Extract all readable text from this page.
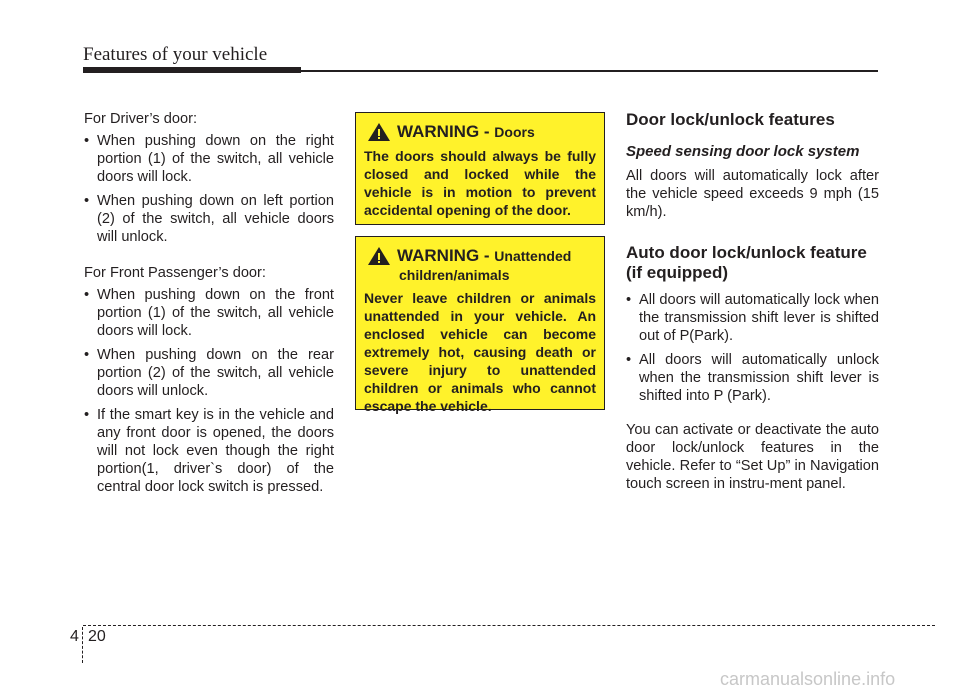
Features of your vehicle

For Driver’s door:

• When pushing down on the right portion (1) of the switch, all vehicle doors will lock.
• When pushing down on left portion (2) of the switch, all vehicle doors will unlock.

For Front Passenger’s door:

• When pushing down on the front portion (1) of the switch, all vehicle doors will lock.
• When pushing down on the rear portion (2) of the switch, all vehicle doors will unlock.
• If the smart key is in the vehicle and any front door is opened, the doors will not lock even though the right portion(1, driver`s door) of the central door lock switch is pressed.
WARNING - Doors
The doors should always be fully closed and locked while the vehicle is in motion to prevent accidental opening of the door.
WARNING - Unattended
children/animals
Never leave children or animals unattended in your vehicle. An enclosed vehicle can become extremely hot, causing death or severe injury to unattended children or animals who cannot escape the vehicle.
Door lock/unlock features
Speed sensing door lock system

All doors will automatically lock after the vehicle speed exceeds 9 mph (15 km/h).

Auto door lock/unlock feature (if equipped)
• All doors will automatically lock when the transmission shift lever is shifted out of P(Park).
• All doors will automatically unlock when the transmission shift lever is shifted into P (Park).

You can activate or deactivate the auto door lock/unlock features in the vehicle. Refer to “Set Up” in Navigation touch screen in instru-ment panel.

4 20
carmanualsonline.info
